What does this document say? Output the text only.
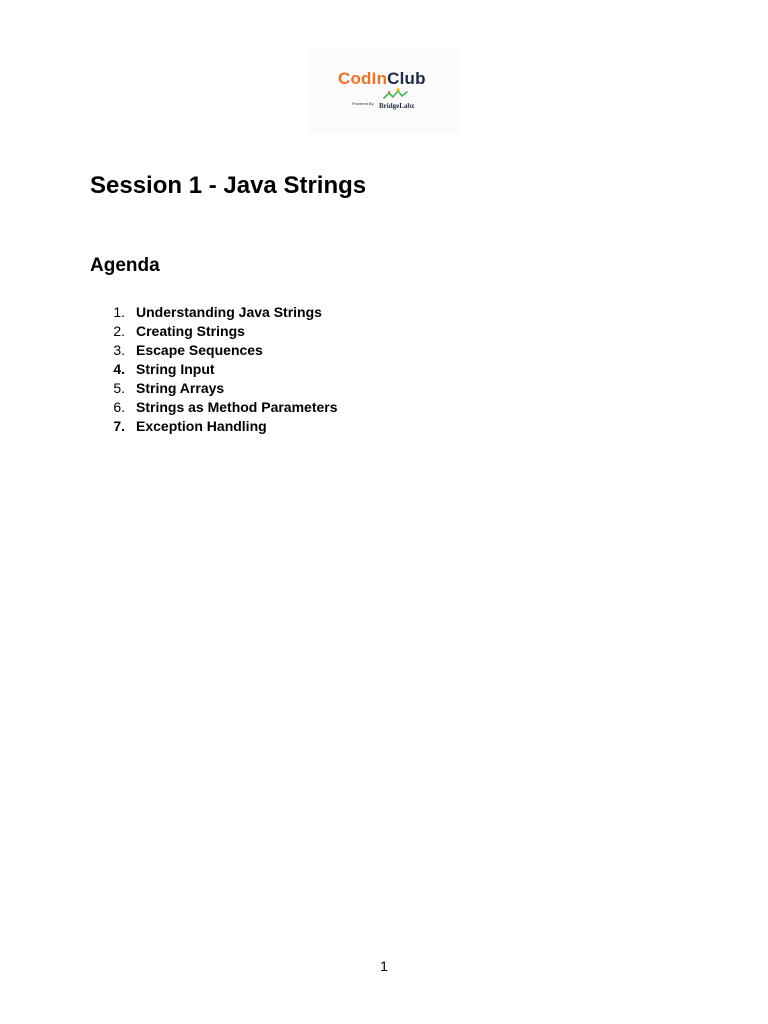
CodInClub
Powered By BridgeLabz
Session 1 - Java Strings
Agenda
1. Understanding Java Strings
2. Creating Strings
3. Escape Sequences
4. String Input
5. String Arrays
6. Strings as Method Parameters
7. Exception Handling
1
